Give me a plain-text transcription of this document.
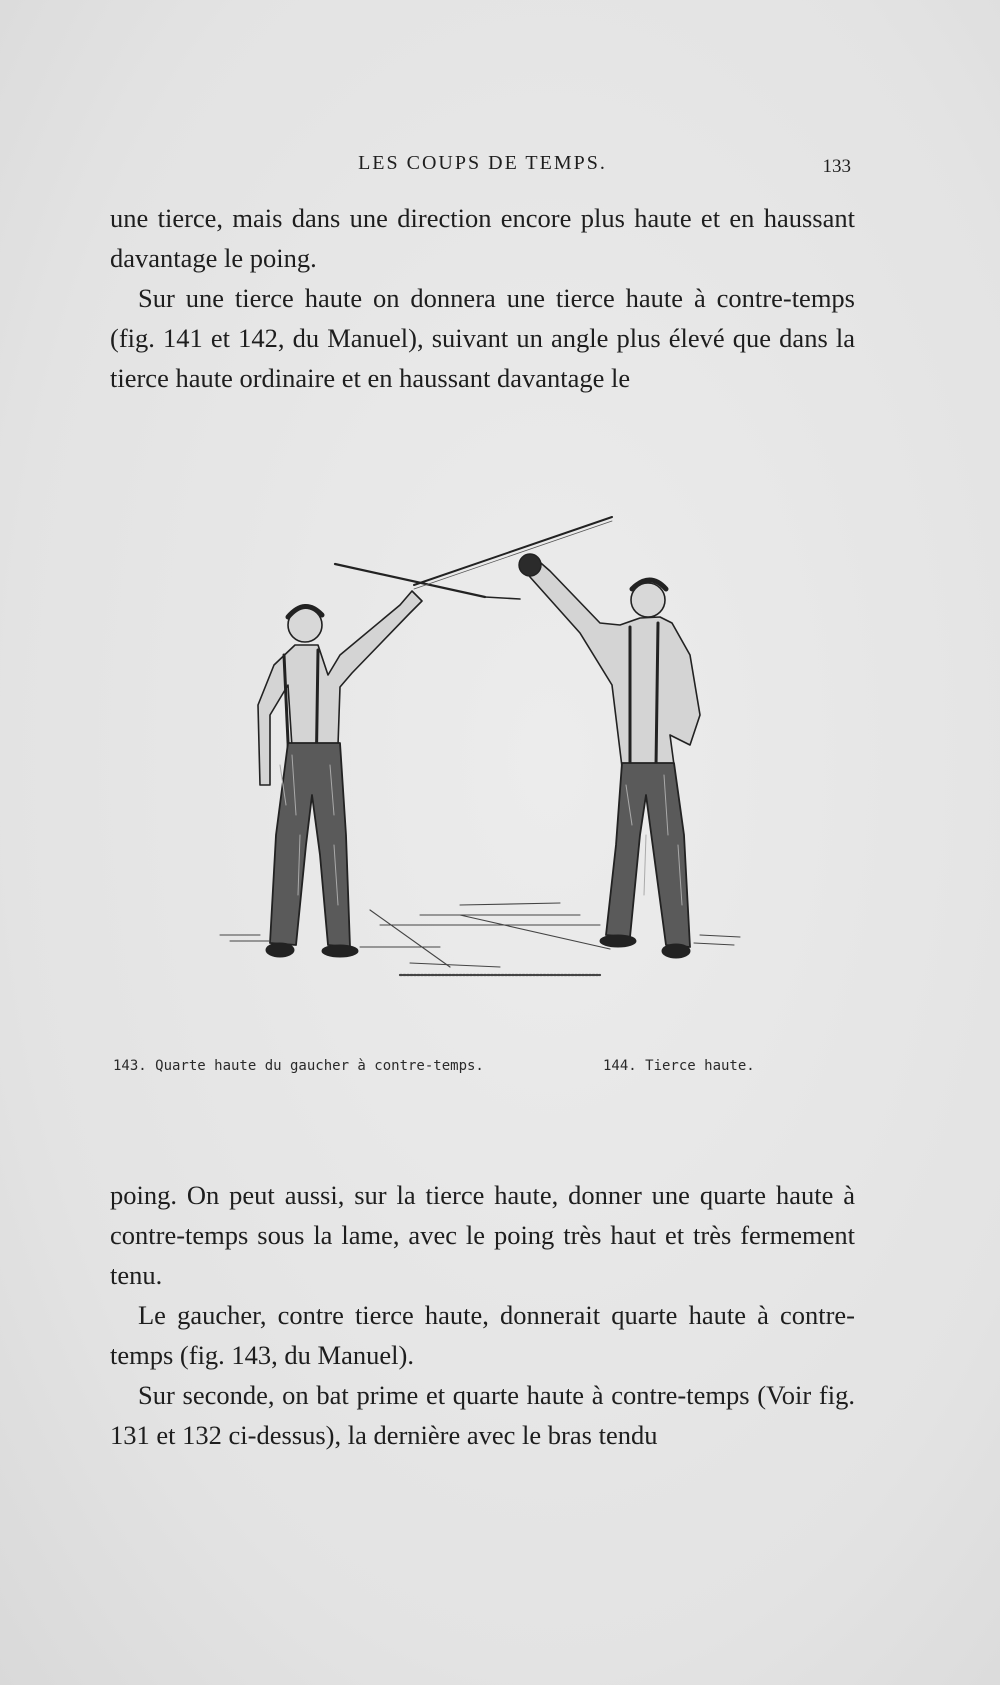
LES COUPS DE TEMPS.	133

une tierce, mais dans une direction encore plus haute et en haussant davantage le poing.

Sur une tierce haute on donnera une tierce haute à contre-temps (fig. 141 et 142, du Manuel), suivant un angle plus élevé que dans la tierce haute ordinaire et en haussant davantage le

143. Quarte haute du gaucher à contre-temps.	144. Tierce haute.

poing. On peut aussi, sur la tierce haute, donner une quarte haute à contre-temps sous la lame, avec le poing très haut et très fermement tenu.

Le gaucher, contre tierce haute, donnerait quarte haute à contre-temps (fig. 143, du Manuel).

Sur seconde, on bat prime et quarte haute à contre-temps (Voir fig. 131 et 132 ci-dessus), la dernière avec le bras tendu
